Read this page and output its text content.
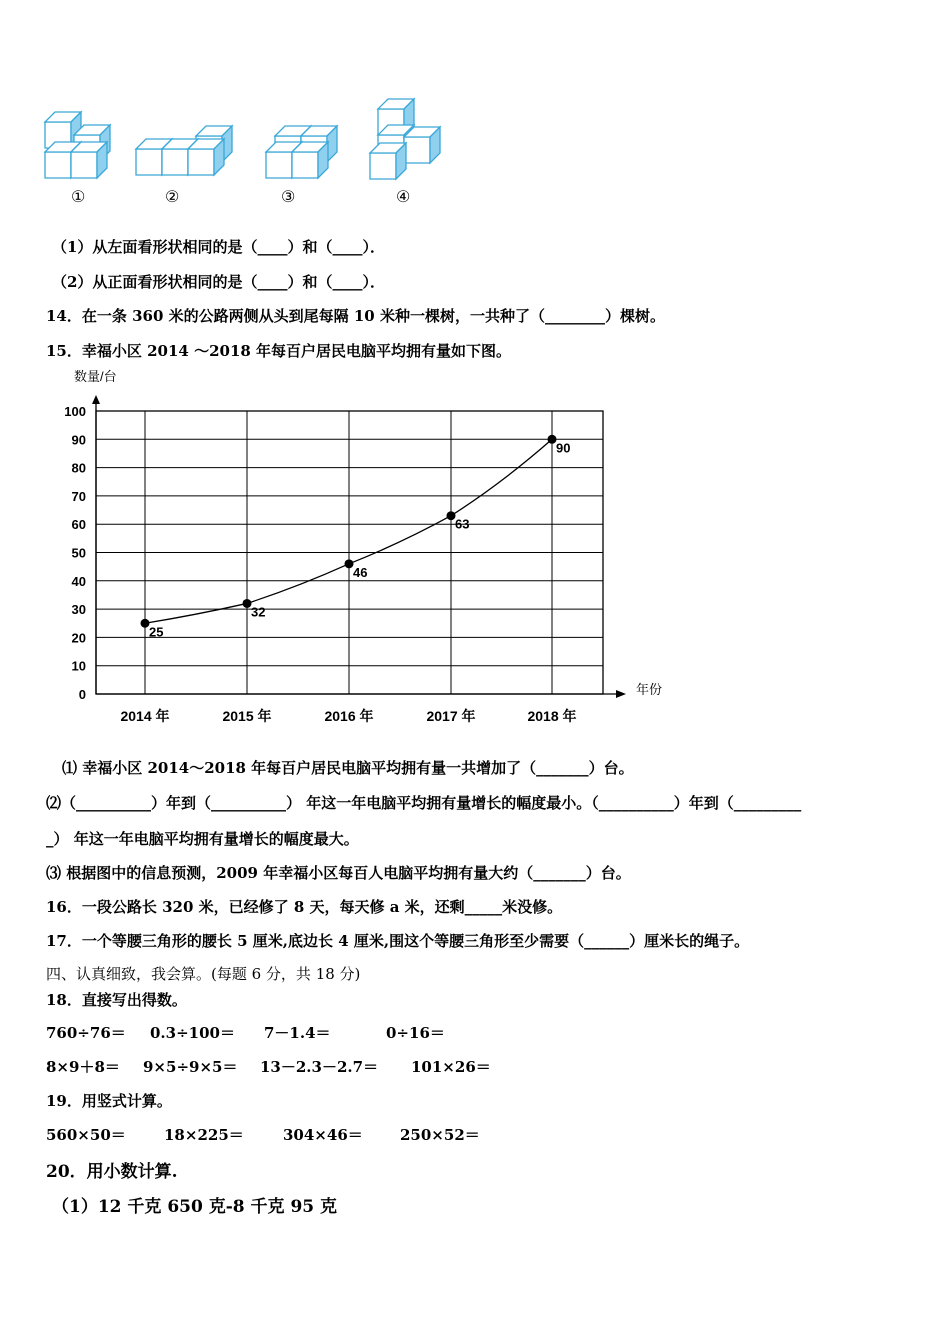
①	②	③	④
（1）从左面看形状相同的是（____）和（____）．
（2）从正面看形状相同的是（____）和（____）．
14．在一条 360 米的公路两侧从头到尾每隔 10 米种一棵树，一共种了（________）棵树。
15．幸福小区 2014 ～2018 年每百户居民电脑平均拥有量如下图。
0
10
20
30
40
50
60
70
80
90
100
2014 年	2015 年	2016 年	2017 年	2018 年
25
32
46
63
90
数量/台
年份
⑴ 幸福小区 2014～2018 年每百户居民电脑平均拥有量一共增加了（_______）台。
⑵（__________）年到（__________） 年这一年电脑平均拥有量增长的幅度最小。（__________）年到（_________
_） 年这一年电脑平均拥有量增长的幅度最大。
⑶ 根据图中的信息预测，2009 年幸福小区每百人电脑平均拥有量大约（_______）台。
16．一段公路长 320 米，已经修了 8 天，每天修 a 米，还剩_____米没修。
17．一个等腰三角形的腰长 5 厘米,底边长 4 厘米,围这个等腰三角形至少需要（______）厘米长的绳子。
四、认真细致，我会算。(每题 6 分，共 18 分)
18．直接写出得数。
760÷76＝ 0.3÷100＝ 7－1.4＝	0÷16＝
8×9＋8＝ 9×5÷9×5＝ 13－2.3－2.7＝ 101×26＝
19．用竖式计算。
560×50＝	18×225＝	304×46＝ 250×52＝
20．用小数计算.
（1）12 千克 650 克-8 千克 95 克
